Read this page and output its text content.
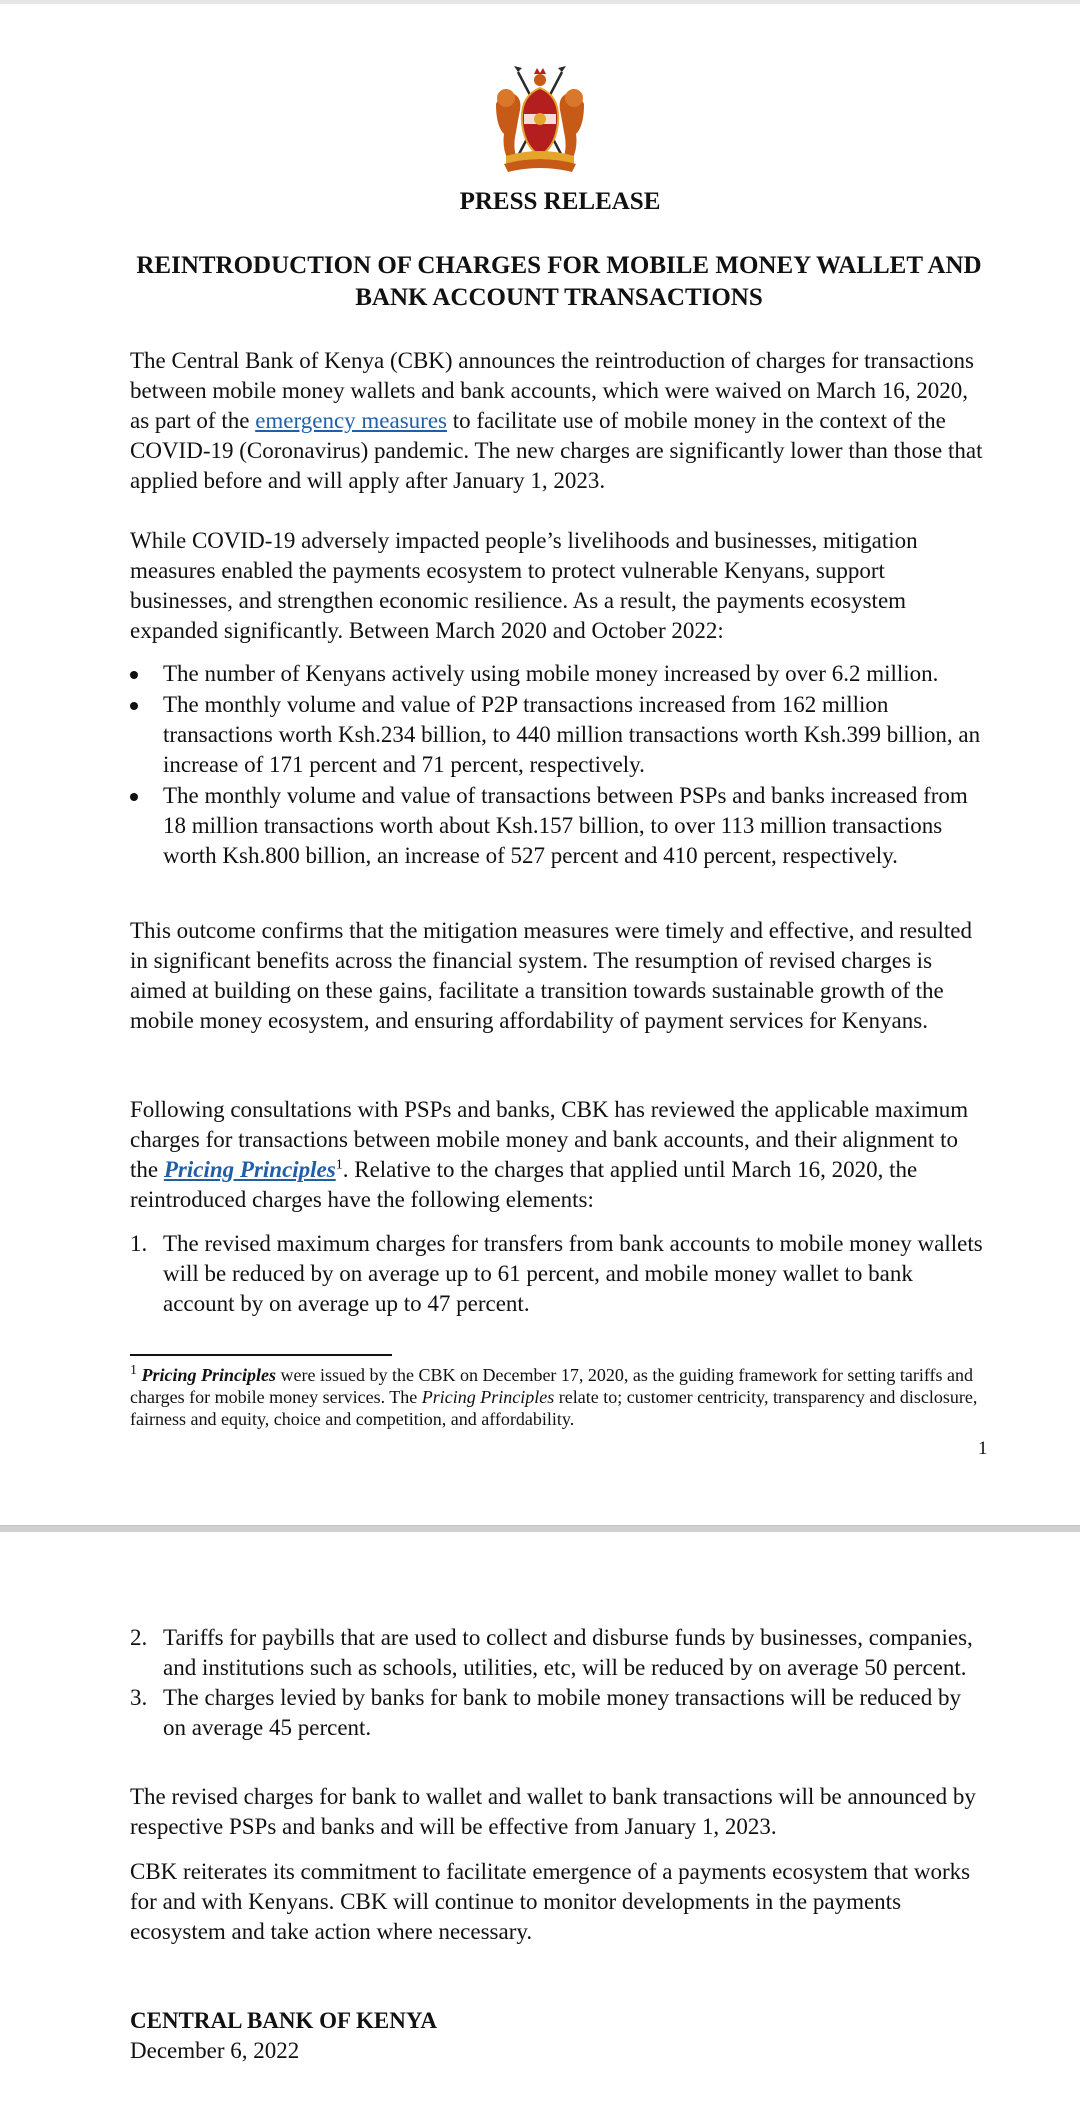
PRESS RELEASE
REINTRODUCTION OF CHARGES FOR MOBILE MONEY WALLET AND BANK ACCOUNT TRANSACTIONS

The Central Bank of Kenya (CBK) announces the reintroduction of charges for transactions between mobile money wallets and bank accounts, which were waived on March 16, 2020, as part of the emergency measures to facilitate use of mobile money in the context of the COVID-19 (Coronavirus) pandemic. The new charges are significantly lower than those that applied before and will apply after January 1, 2023.

While COVID-19 adversely impacted people’s livelihoods and businesses, mitigation measures enabled the payments ecosystem to protect vulnerable Kenyans, support businesses, and strengthen economic resilience. As a result, the payments ecosystem expanded significantly. Between March 2020 and October 2022:

The number of Kenyans actively using mobile money increased by over 6.2 million.
The monthly volume and value of P2P transactions increased from 162 million transactions worth Ksh.234 billion, to 440 million transactions worth Ksh.399 billion, an increase of 171 percent and 71 percent, respectively.
The monthly volume and value of transactions between PSPs and banks increased from 18 million transactions worth about Ksh.157 billion, to over 113 million transactions worth Ksh.800 billion, an increase of 527 percent and 410 percent, respectively.

This outcome confirms that the mitigation measures were timely and effective, and resulted in significant benefits across the financial system. The resumption of revised charges is aimed at building on these gains, facilitate a transition towards sustainable growth of the mobile money ecosystem, and ensuring affordability of payment services for Kenyans.

Following consultations with PSPs and banks, CBK has reviewed the applicable maximum charges for transactions between mobile money and bank accounts, and their alignment to the Pricing Principles$^1$. Relative to the charges that applied until March 16, 2020, the reintroduced charges have the following elements:

1. The revised maximum charges for transfers from bank accounts to mobile money wallets will be reduced by on average up to 61 percent, and mobile money wallet to bank account by on average up to 47 percent.
$^1$ Pricing Principles were issued by the CBK on December 17, 2020, as the guiding framework for setting tariffs and charges for mobile money services. The Pricing Principles relate to; customer centricity, transparency and disclosure, fairness and equity, choice and competition, and affordability.
1
2. Tariffs for paybills that are used to collect and disburse funds by businesses, companies, and institutions such as schools, utilities, etc, will be reduced by on average 50 percent.
3. The charges levied by banks for bank to mobile money transactions will be reduced by on average 45 percent.

The revised charges for bank to wallet and wallet to bank transactions will be announced by respective PSPs and banks and will be effective from January 1, 2023.

CBK reiterates its commitment to facilitate emergence of a payments ecosystem that works for and with Kenyans. CBK will continue to monitor developments in the payments ecosystem and take action where necessary.

CENTRAL BANK OF KENYA
December 6, 2022
